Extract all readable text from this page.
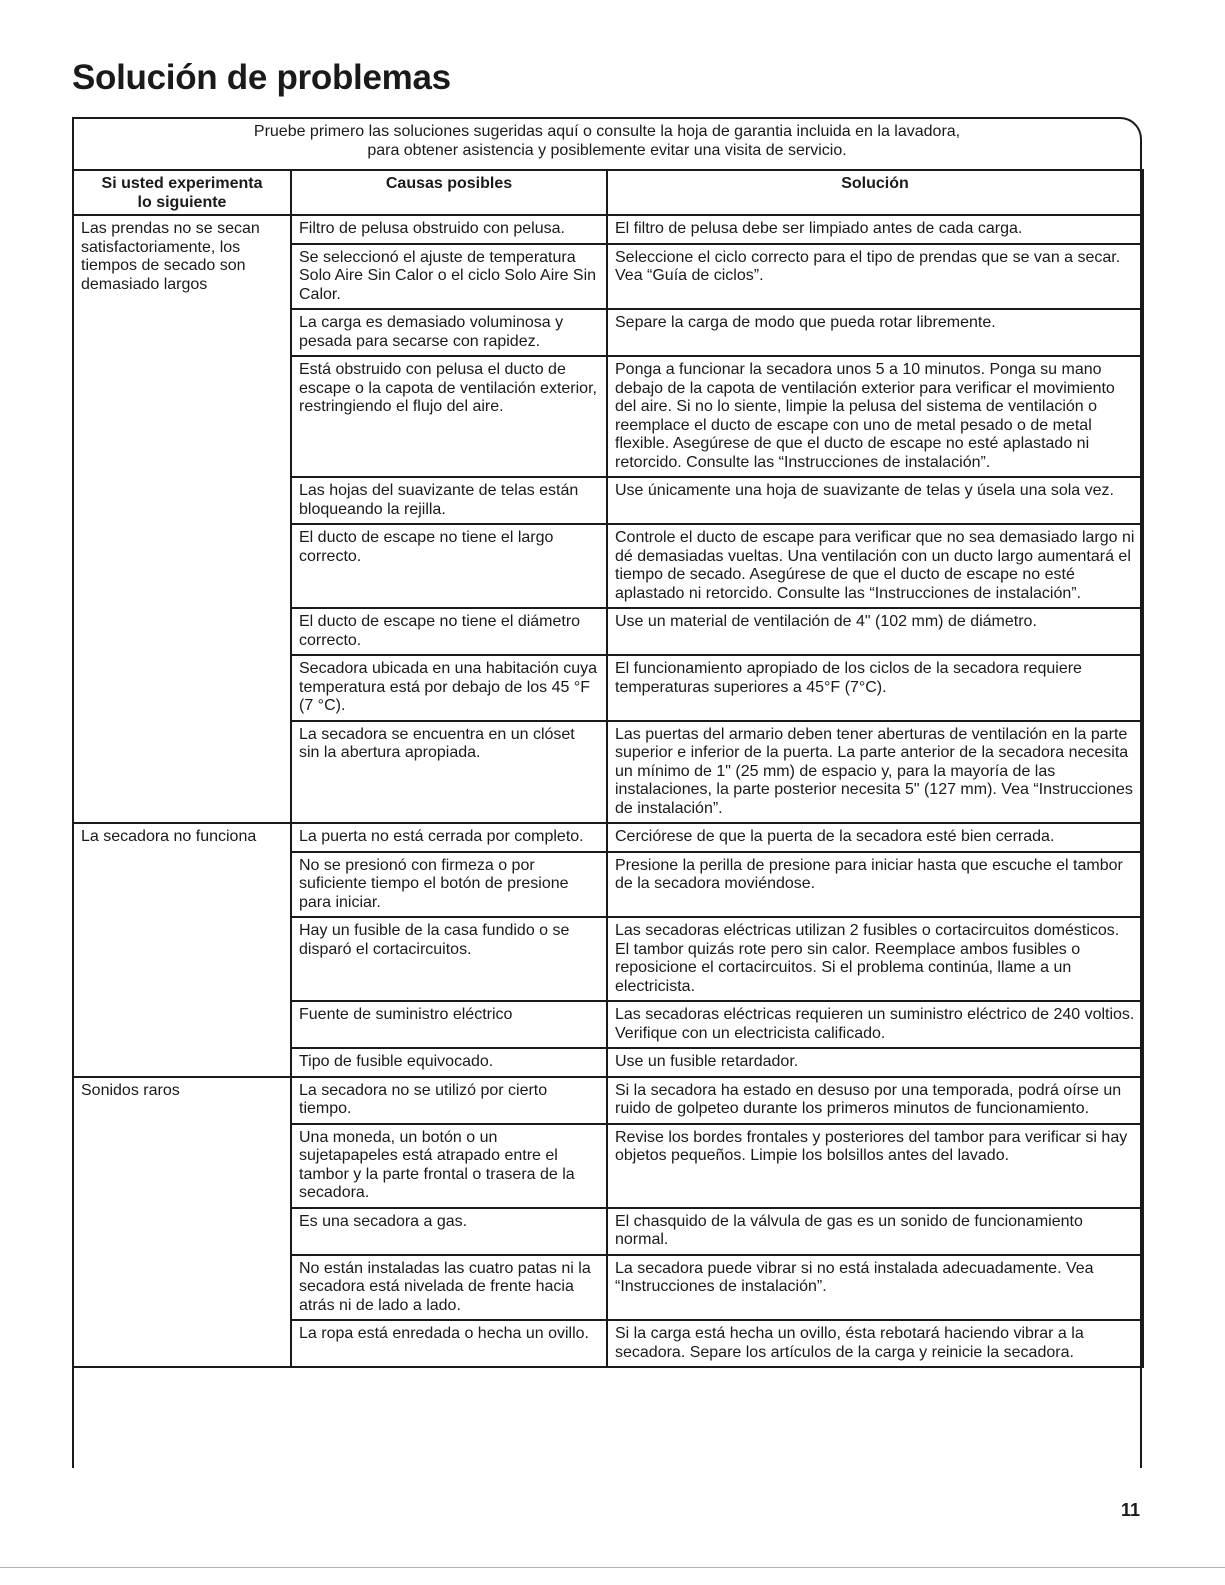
Solución de problemas

Pruebe primero las soluciones sugeridas aquí o consulte la hoja de garantia incluida en la lavadora,
para obtener asistencia y posiblemente evitar una visita de servicio.

Si usted experimenta
lo siguiente	Causas posibles	Solución
Las prendas no se secan satisfactoriamente, los tiempos de secado son demasiado largos	Filtro de pelusa obstruido con pelusa.	El filtro de pelusa debe ser limpiado antes de cada carga.
	Se seleccionó el ajuste de temperatura Solo Aire Sin Calor o el ciclo Solo Aire Sin Calor.	Seleccione el ciclo correcto para el tipo de prendas que se van a secar. Vea “Guía de ciclos”.
	La carga es demasiado voluminosa y pesada para secarse con rapidez.	Separe la carga de modo que pueda rotar libremente.
	Está obstruido con pelusa el ducto de escape o la capota de ventilación exterior, restringiendo el flujo del aire.	Ponga a funcionar la secadora unos 5 a 10 minutos. Ponga su mano debajo de la capota de ventilación exterior para verificar el movimiento del aire. Si no lo siente, limpie la pelusa del sistema de ventilación o reemplace el ducto de escape con uno de metal pesado o de metal flexible. Asegúrese de que el ducto de escape no esté aplastado ni retorcido. Consulte las “Instrucciones de instalación”.
	Las hojas del suavizante de telas están bloqueando la rejilla.	Use únicamente una hoja de suavizante de telas y úsela una sola vez.
	El ducto de escape no tiene el largo correcto.	Controle el ducto de escape para verificar que no sea demasiado largo ni dé demasiadas vueltas. Una ventilación con un ducto largo aumentará el tiempo de secado. Asegúrese de que el ducto de escape no esté aplastado ni retorcido. Consulte las “Instrucciones de instalación”.
	El ducto de escape no tiene el diámetro correcto.	Use un material de ventilación de 4" (102 mm) de diámetro.
	Secadora ubicada en una habitación cuya temperatura está por debajo de los 45 °F (7 °C).	El funcionamiento apropiado de los ciclos de la secadora requiere temperaturas superiores a 45°F (7°C).
	La secadora se encuentra en un clóset sin la abertura apropiada.	Las puertas del armario deben tener aberturas de ventilación en la parte superior e inferior de la puerta. La parte anterior de la secadora necesita un mínimo de 1" (25 mm) de espacio y, para la mayoría de las instalaciones, la parte posterior necesita 5" (127 mm). Vea “Instrucciones de instalación”.
La secadora no funciona	La puerta no está cerrada por completo.	Cerciórese de que la puerta de la secadora esté bien cerrada.
	No se presionó con firmeza o por suficiente tiempo el botón de presione para iniciar.	Presione la perilla de presione para iniciar hasta que escuche el tambor de la secadora moviéndose.
	Hay un fusible de la casa fundido o se disparó el cortacircuitos.	Las secadoras eléctricas utilizan 2 fusibles o cortacircuitos domésticos. El tambor quizás rote pero sin calor. Reemplace ambos fusibles o reposicione el cortacircuitos. Si el problema continúa, llame a un electricista.
	Fuente de suministro eléctrico	Las secadoras eléctricas requieren un suministro eléctrico de 240 voltios. Verifique con un electricista calificado.
	Tipo de fusible equivocado.	Use un fusible retardador.
Sonidos raros	La secadora no se utilizó por cierto tiempo.	Si la secadora ha estado en desuso por una temporada, podrá oírse un ruido de golpeteo durante los primeros minutos de funcionamiento.
	Una moneda, un botón o un sujetapapeles está atrapado entre el tambor y la parte frontal o trasera de la secadora.	Revise los bordes frontales y posteriores del tambor para verificar si hay objetos pequeños. Limpie los bolsillos antes del lavado.
	Es una secadora a gas.	El chasquido de la válvula de gas es un sonido de funcionamiento normal.
	No están instaladas las cuatro patas ni la secadora está nivelada de frente hacia atrás ni de lado a lado.	La secadora puede vibrar si no está instalada adecuadamente. Vea “Instrucciones de instalación”.
	La ropa está enredada o hecha un ovillo.	Si la carga está hecha un ovillo, ésta rebotará haciendo vibrar a la secadora. Separe los artículos de la carga y reinicie la secadora.
11
